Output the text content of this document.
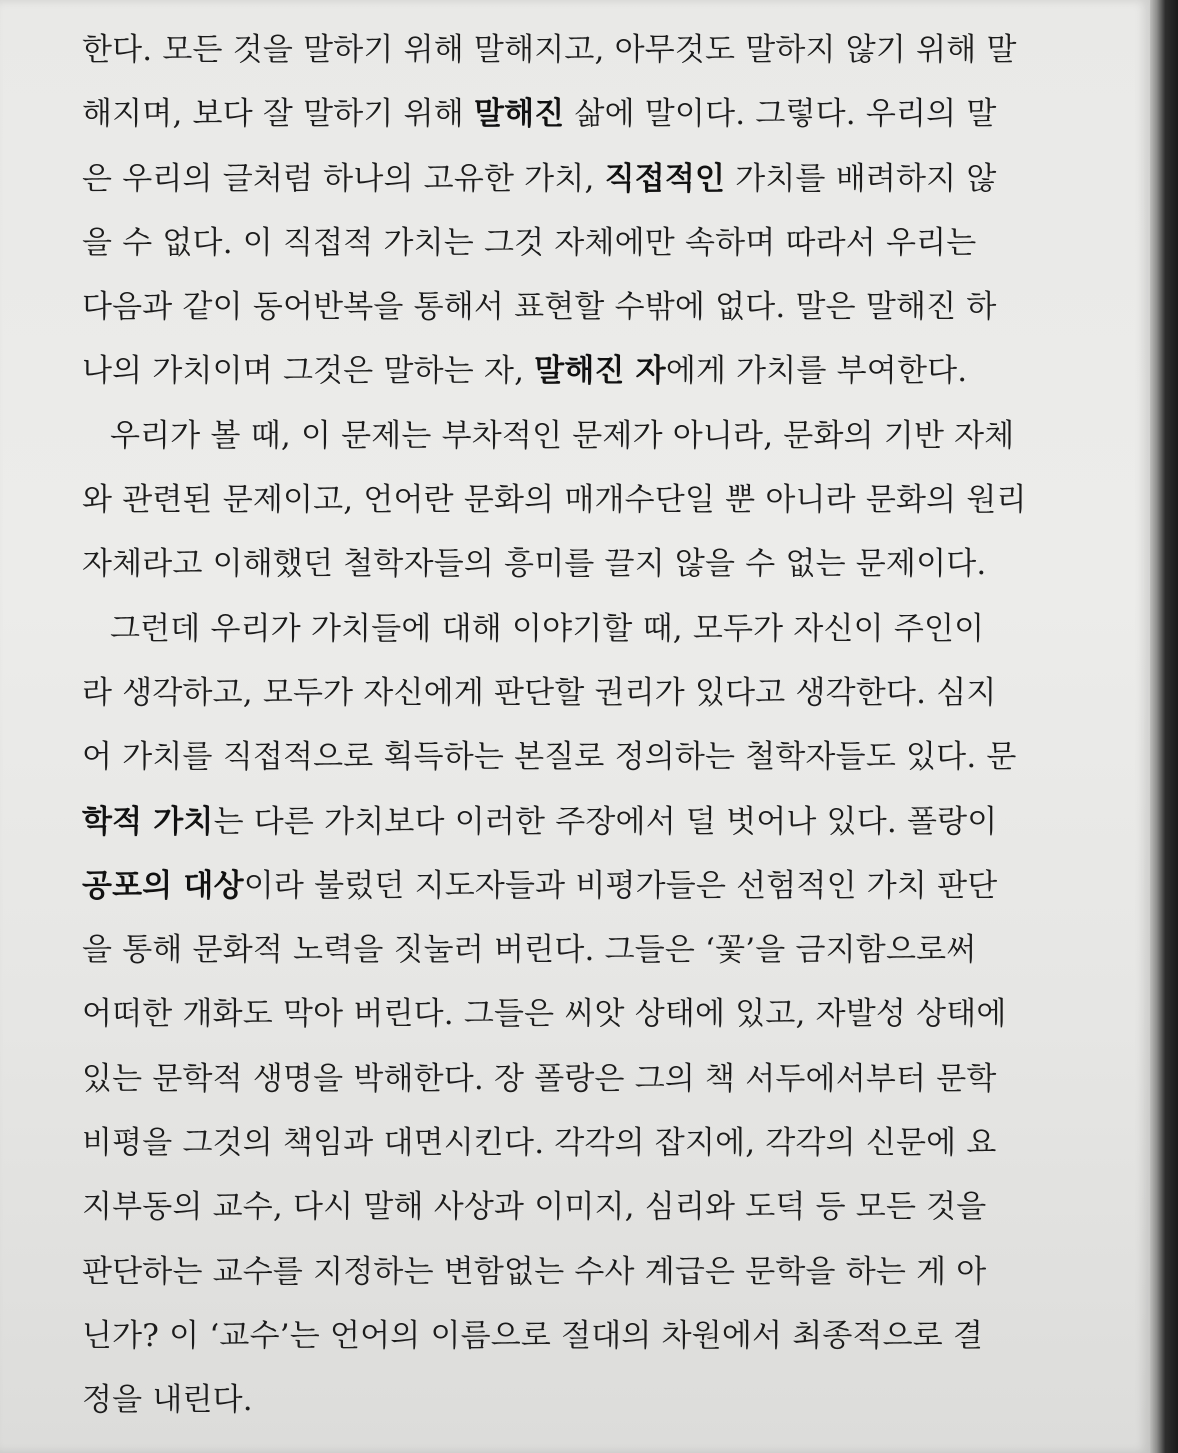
한다. 모든 것을 말하기 위해 말해지고, 아무것도 말하지 않기 위해 말
해지며, 보다 잘 말하기 위해 말해진 삶에 말이다. 그렇다. 우리의 말
은 우리의 글처럼 하나의 고유한 가치, 직접적인 가치를 배려하지 않
을 수 없다. 이 직접적 가치는 그것 자체에만 속하며 따라서 우리는
다음과 같이 동어반복을 통해서 표현할 수밖에 없다. 말은 말해진 하
나의 가치이며 그것은 말하는 자, 말해진 자에게 가치를 부여한다.
우리가 볼 때, 이 문제는 부차적인 문제가 아니라, 문화의 기반 자체
와 관련된 문제이고, 언어란 문화의 매개수단일 뿐 아니라 문화의 원리
자체라고 이해했던 철학자들의 흥미를 끌지 않을 수 없는 문제이다.
그런데 우리가 가치들에 대해 이야기할 때, 모두가 자신이 주인이
라 생각하고, 모두가 자신에게 판단할 권리가 있다고 생각한다. 심지
어 가치를 직접적으로 획득하는 본질로 정의하는 철학자들도 있다. 문
학적 가치는 다른 가치보다 이러한 주장에서 덜 벗어나 있다. 폴랑이
공포의 대상이라 불렀던 지도자들과 비평가들은 선험적인 가치 판단
을 통해 문화적 노력을 짓눌러 버린다. 그들은 ‘꽃’을 금지함으로써
어떠한 개화도 막아 버린다. 그들은 씨앗 상태에 있고, 자발성 상태에
있는 문학적 생명을 박해한다. 장 폴랑은 그의 책 서두에서부터 문학
비평을 그것의 책임과 대면시킨다. 각각의 잡지에, 각각의 신문에 요
지부동의 교수, 다시 말해 사상과 이미지, 심리와 도덕 등 모든 것을
판단하는 교수를 지정하는 변함없는 수사 계급은 문학을 하는 게 아
닌가? 이 ‘교수’는 언어의 이름으로 절대의 차원에서 최종적으로 결
정을 내린다.
